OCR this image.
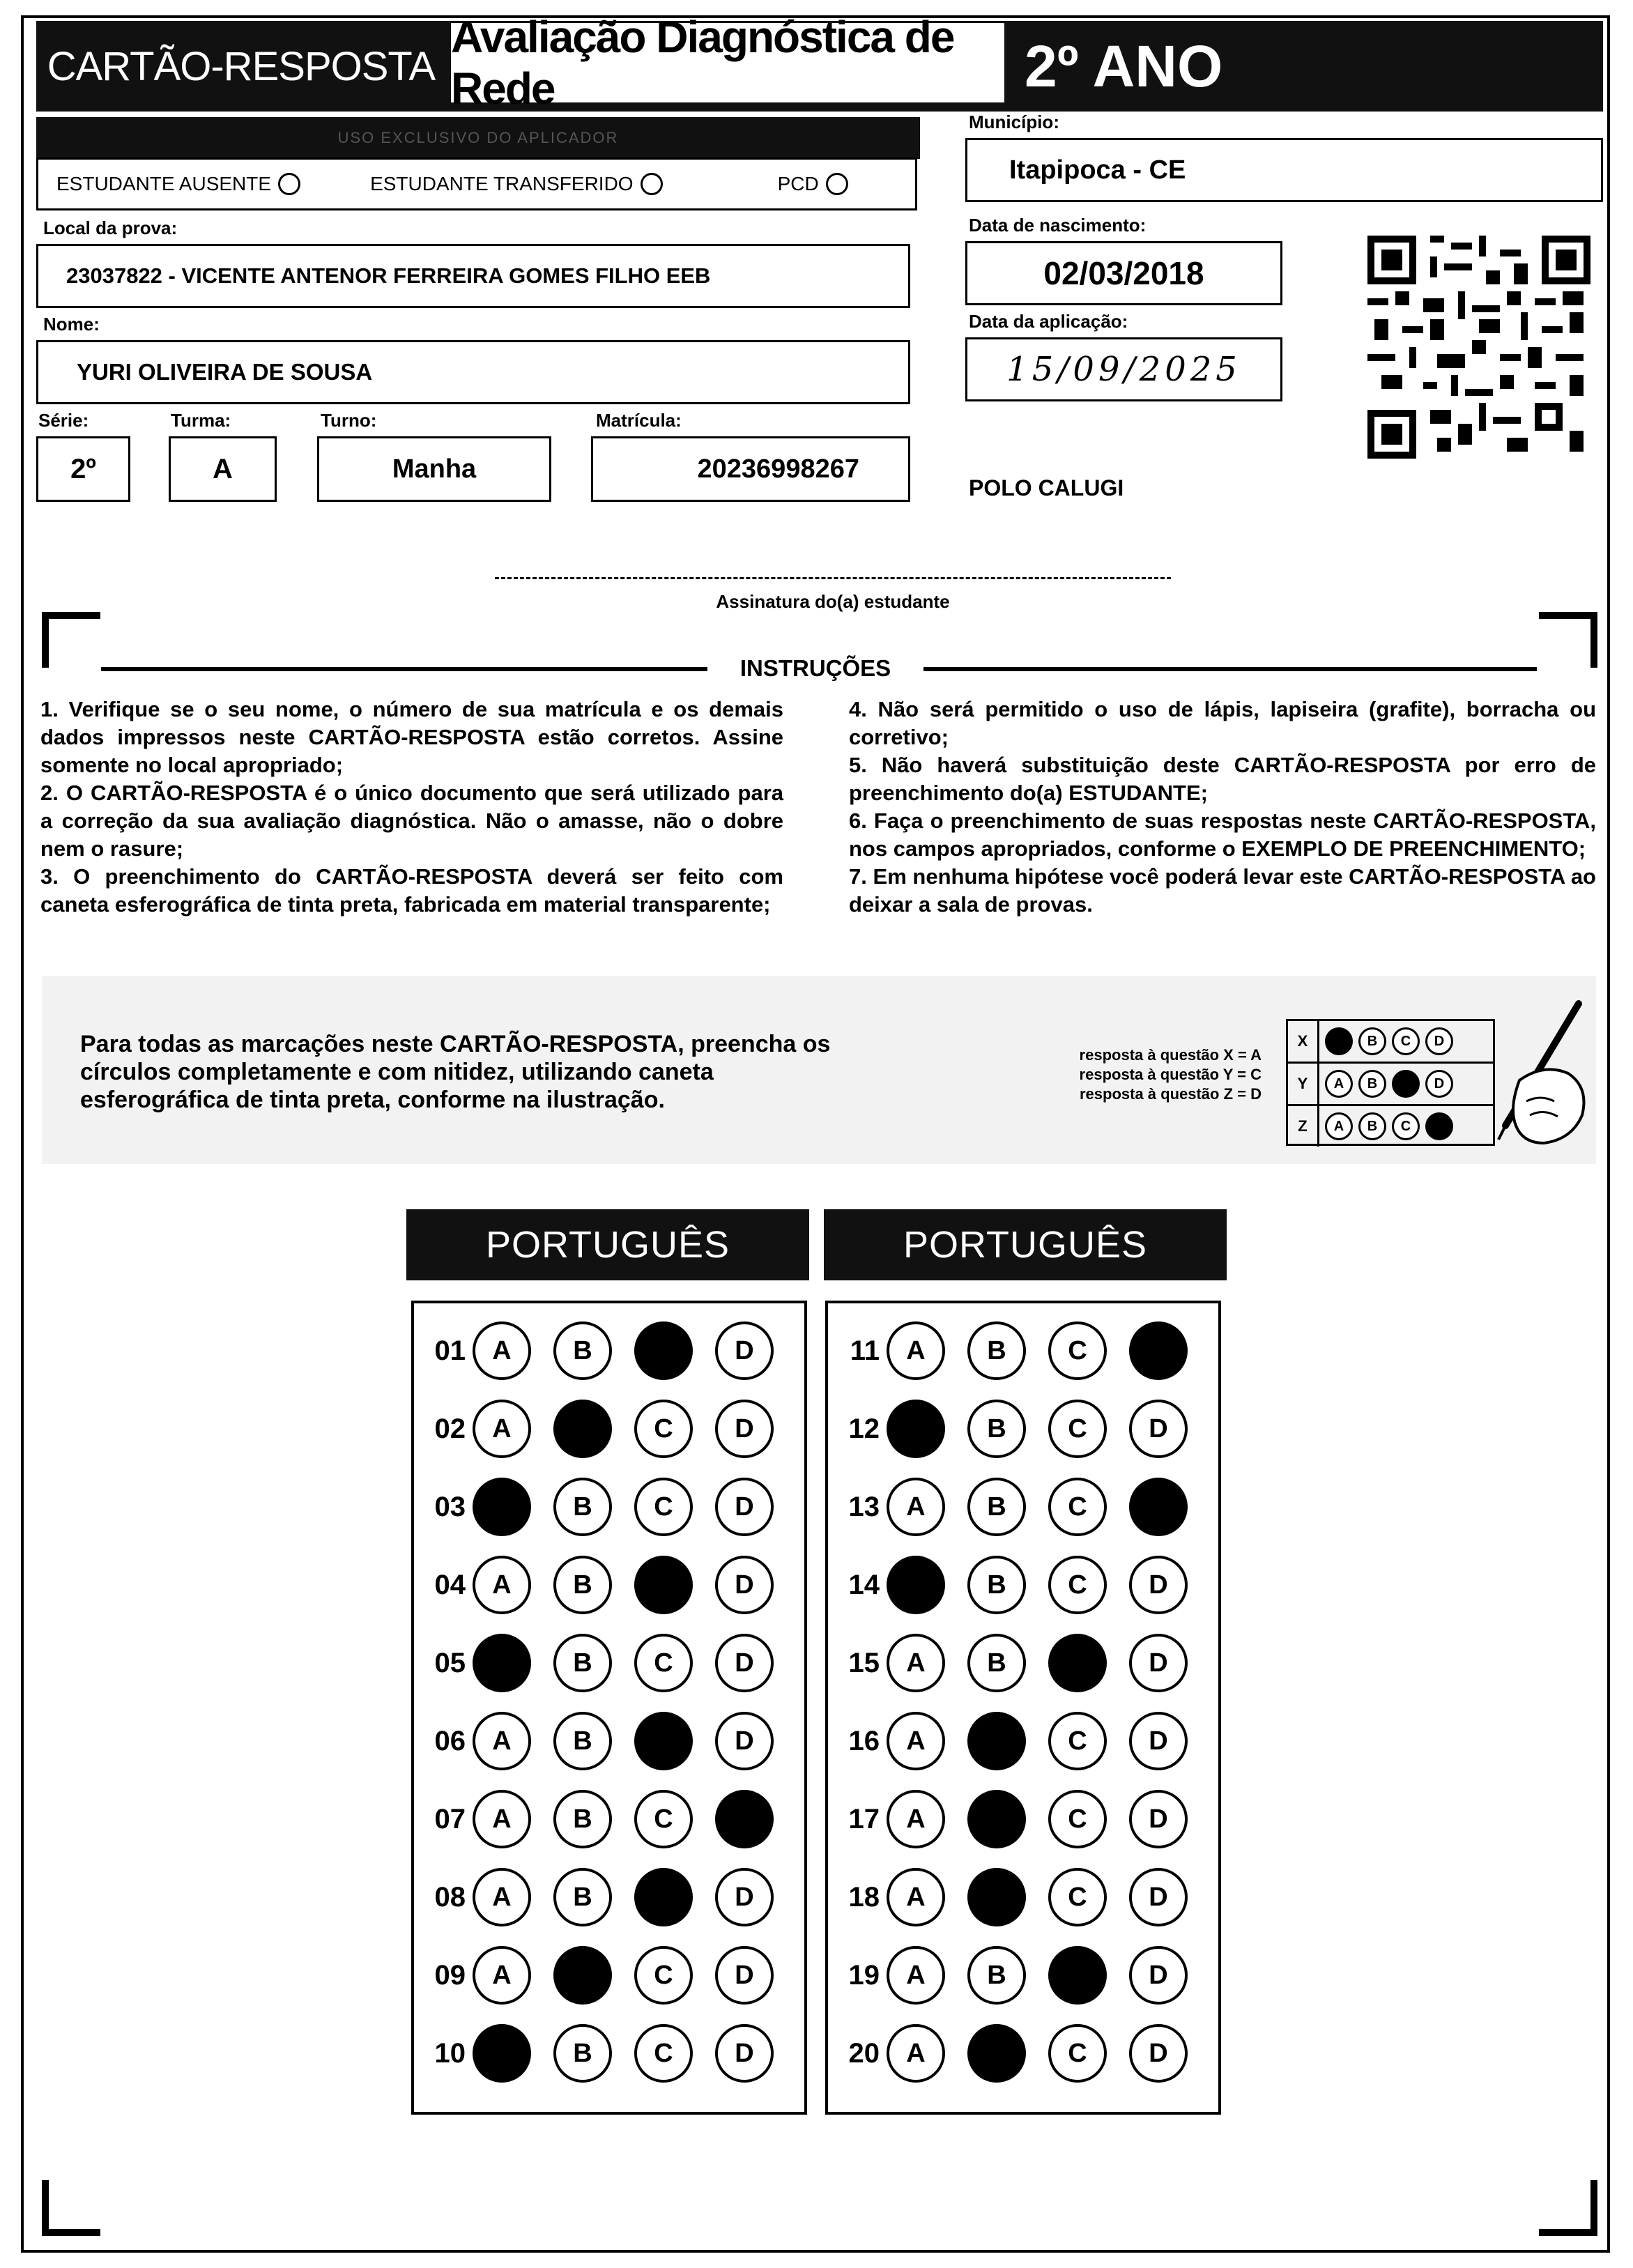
CARTÃO-RESPOSTA
Avaliação Diagnóstica de Rede	2º ANO
USO EXCLUSIVO DO APLICADOR
ESTUDANTE AUSENTE	ESTUDANTE TRANSFERIDO	PCD
Município:
Itapipoca - CE
Local da prova:
23037822 - VICENTE ANTENOR FERREIRA GOMES FILHO EEB
Data de nascimento:
02/03/2018
Nome:
YURI OLIVEIRA DE SOUSA
Data da aplicação:
15/09/2025
Série:
2º
Turma:
A
Turno:
Manha
Matrícula:
20236998267
POLO CALUGI
Assinatura do(a) estudante
INSTRUÇÕES
1. Verifique se o seu nome, o número de sua matrícula e os demais dados impressos neste CARTÃO-RESPOSTA estão corretos. Assine somente no local apropriado;
2. O CARTÃO-RESPOSTA é o único documento que será utilizado para a correção da sua avaliação diagnóstica. Não o amasse, não o dobre nem o rasure;
3. O preenchimento do CARTÃO-RESPOSTA deverá ser feito com caneta esferográfica de tinta preta, fabricada em material transparente;
4. Não será permitido o uso de lápis, lapiseira (grafite), borracha ou corretivo;
5. Não haverá substituição deste CARTÃO-RESPOSTA por erro de preenchimento do(a) ESTUDANTE;
6. Faça o preenchimento de suas respostas neste CARTÃO-RESPOSTA, nos campos apropriados, conforme o EXEMPLO DE PREENCHIMENTO;
7. Em nenhuma hipótese você poderá levar este CARTÃO-RESPOSTA ao deixar a sala de provas.
Para todas as marcações neste CARTÃO-RESPOSTA, preencha os círculos completamente e com nitidez, utilizando caneta esferográfica de tinta preta, conforme na ilustração.
resposta à questão X = A
resposta à questão Y = C
resposta à questão Z = D
X	B	C	D
Y	A	B	D
Z	A	B	C
PORTUGUÊS	PORTUGUÊS
01	A	B	C	D
02	A	B	C	D
03	A	B	C	D
04	A	B	C	D
05	A	B	C	D
06	A	B	C	D
07	A	B	C	D
08	A	B	C	D
09	A	B	C	D
10	A	B	C	D
11	A	B	C	D
12	A	B	C	D
13	A	B	C	D
14	A	B	C	D
15	A	B	C	D
16	A	B	C	D
17	A	B	C	D
18	A	B	C	D
19	A	B	C	D
20	A	B	C	D
